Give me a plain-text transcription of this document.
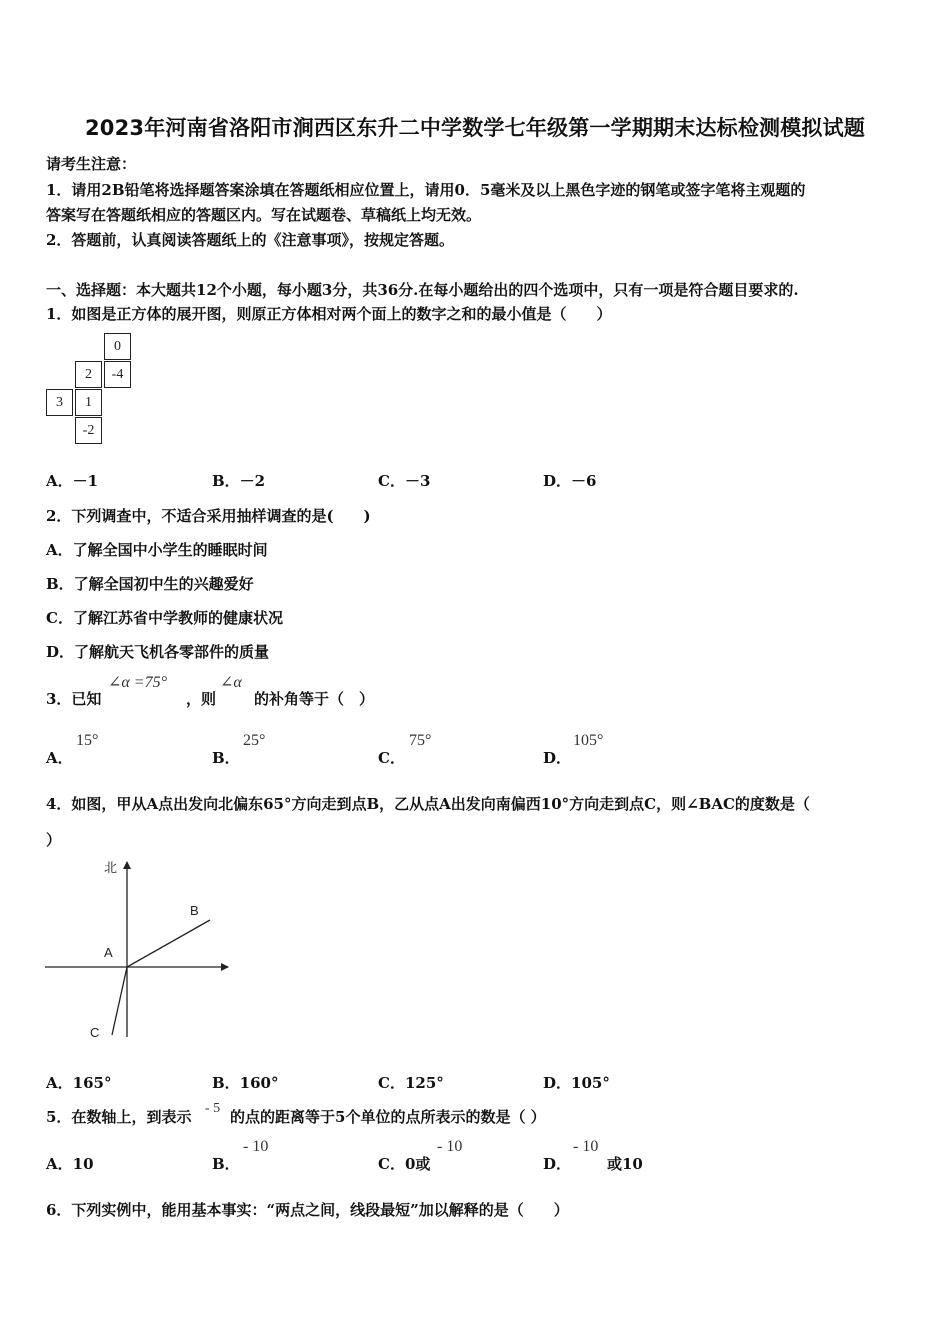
2023年河南省洛阳市涧西区东升二中学数学七年级第一学期期末达标检测模拟试题
请考生注意：
1．请用2B铅笔将选择题答案涂填在答题纸相应位置上，请用0．5毫米及以上黑色字迹的钢笔或签字笔将主观题的
答案写在答题纸相应的答题区内。写在试题卷、草稿纸上均无效。
2．答题前，认真阅读答题纸上的《注意事项》，按规定答题。
一、选择题：本大题共12个小题，每小题3分，共36分.在每小题给出的四个选项中，只有一项是符合题目要求的.
1．如图是正方体的展开图，则原正方体相对两个面上的数字之和的最小值是（　　）
0
2	-4
3	1
-2
A．－1	B．－2	C．－3	D．－6
2．下列调查中，不适合采用抽样调查的是(　　)
A．了解全国中小学生的睡眠时间
B．了解全国初中生的兴趣爱好
C．了解江苏省中学教师的健康状况
D．了解航天飞机各零部件的质量
3．已知
∠α =75°
，则
∠α
的补角等于（　）
A．
15°
B．
25°
C．
75°
D．
105°
4．如图，甲从A点出发向北偏东65°方向走到点B，乙从点A出发向南偏西10°方向走到点C，则∠BAC的度数是（
）
北
A
B
C
A．165°	B．160°	C．125°	D．105°
5．在数轴上，到表示 - 5 的点的距离等于5个单位的点所表示的数是（ ）
A．10	B．
- 10
C．0或
- 10
D．
- 10
或10
6．下列实例中，能用基本事实：“两点之间，线段最短”加以解释的是（　　）
